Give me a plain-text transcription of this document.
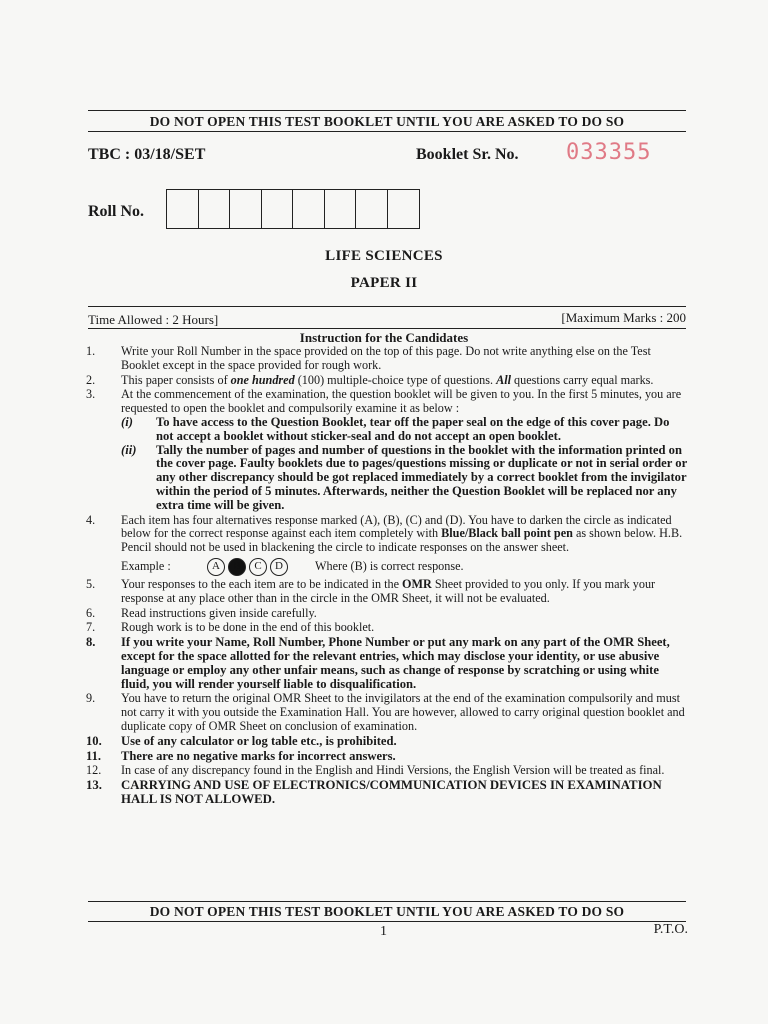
DO NOT OPEN THIS TEST BOOKLET UNTIL YOU ARE ASKED TO DO SO
TBC : 03/18/SET	Booklet Sr. No. 033355
Roll No.
LIFE SCIENCES
PAPER II
Time Allowed : 2 Hours]	[Maximum Marks : 200
Instruction for the Candidates
1. Write your Roll Number in the space provided on the top of this page. Do not write anything else on the Test Booklet except in the space provided for rough work.
2. This paper consists of one hundred (100) multiple-choice type of questions. All questions carry equal marks.
3. At the commencement of the examination, the question booklet will be given to you. In the first 5 minutes, you are requested to open the booklet and compulsorily examine it as below :
(i) To have access to the Question Booklet, tear off the paper seal on the edge of this cover page. Do not accept a booklet without sticker-seal and do not accept an open booklet.
(ii) Tally the number of pages and number of questions in the booklet with the information printed on the cover page. Faulty booklets due to pages/questions missing or duplicate or not in serial order or any other discrepancy should be got replaced immediately by a correct booklet from the invigilator within the period of 5 minutes. Afterwards, neither the Question Booklet will be replaced nor any extra time will be given.
4. Each item has four alternatives response marked (A), (B), (C) and (D). You have to darken the circle as indicated below for the correct response against each item completely with Blue/Black ball point pen as shown below. H.B. Pencil should not be used in blackening the circle to indicate responses on the answer sheet.
Example :	A	B	C	D	Where (B) is correct response.
5. Your responses to the each item are to be indicated in the OMR Sheet provided to you only. If you mark your response at any place other than in the circle in the OMR Sheet, it will not be evaluated.
6. Read instructions given inside carefully.
7. Rough work is to be done in the end of this booklet.
8. If you write your Name, Roll Number, Phone Number or put any mark on any part of the OMR Sheet, except for the space allotted for the relevant entries, which may disclose your identity, or use abusive language or employ any other unfair means, such as change of response by scratching or using white fluid, you will render yourself liable to disqualification.
9. You have to return the original OMR Sheet to the invigilators at the end of the examination compulsorily and must not carry it with you outside the Examination Hall. You are however, allowed to carry original question booklet and duplicate copy of OMR Sheet on conclusion of examination.
10. Use of any calculator or log table etc., is prohibited.
11. There are no negative marks for incorrect answers.
12. In case of any discrepancy found in the English and Hindi Versions, the English Version will be treated as final.
13. CARRYING AND USE OF ELECTRONICS/COMMUNICATION DEVICES IN EXAMINATION HALL IS NOT ALLOWED.
DO NOT OPEN THIS TEST BOOKLET UNTIL YOU ARE ASKED TO DO SO
1	P.T.O.
